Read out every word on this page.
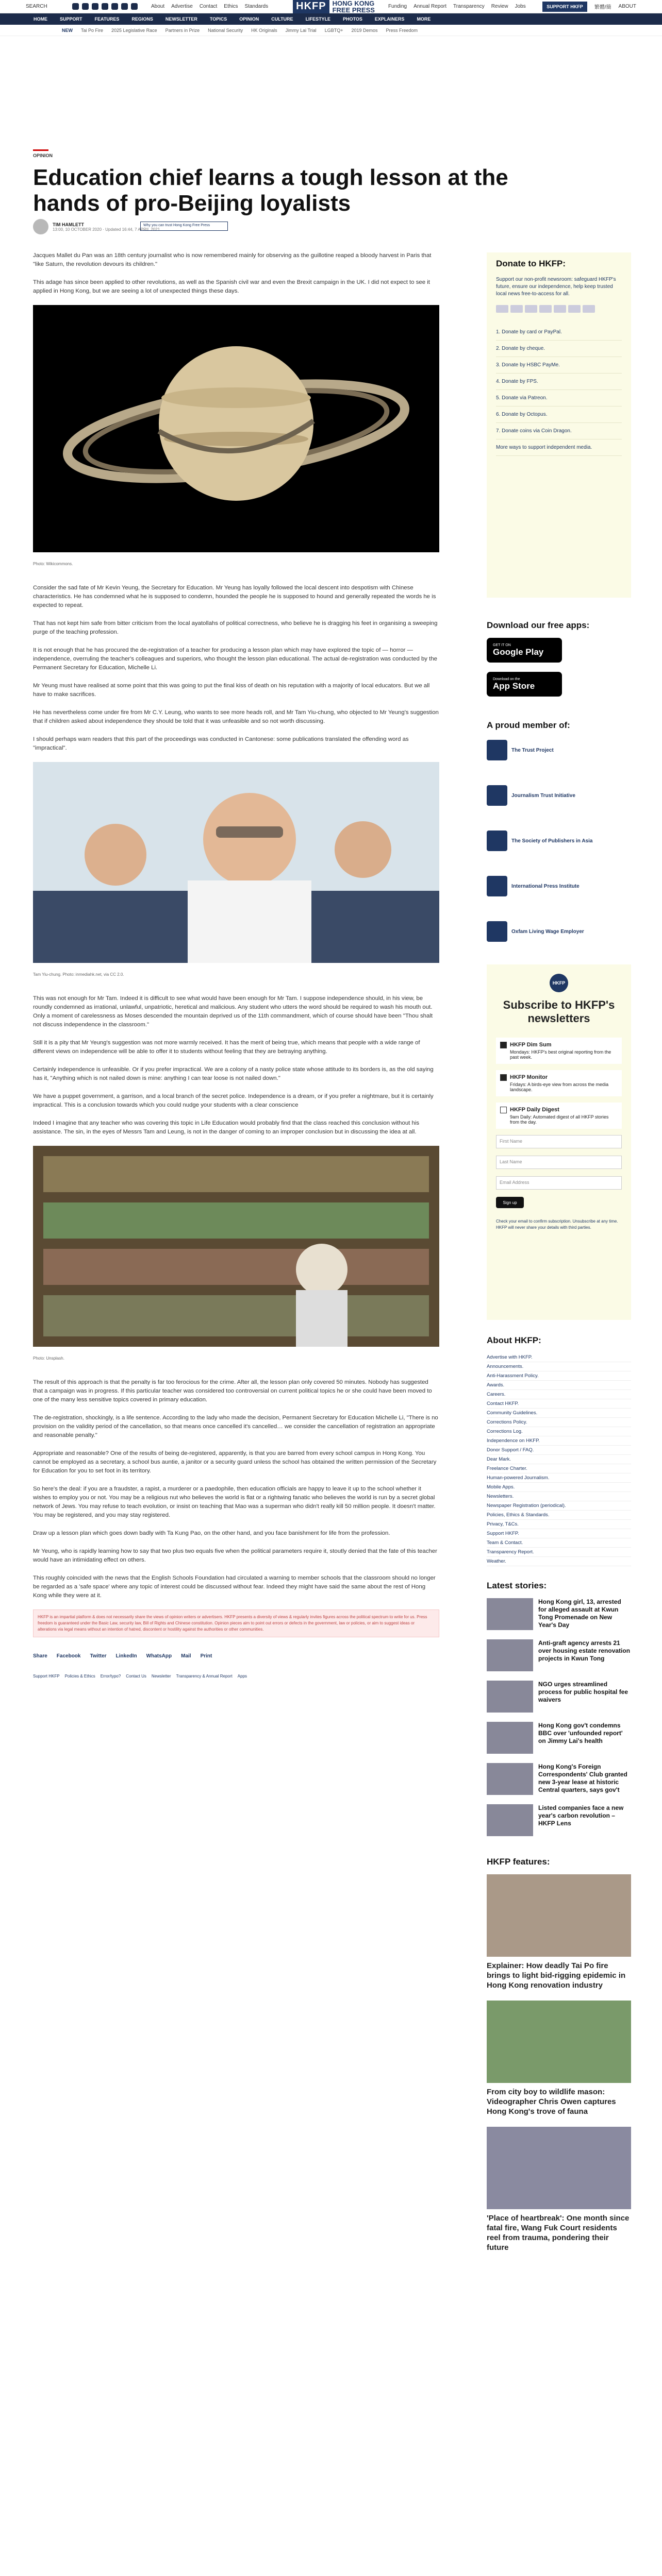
SEARCH	About Advertise Contact Ethics Standards	HKFP HONG KONG
FREE PRESS	Funding Annual Report Transparency Review Jobs	SUPPORT HKFP	繁體/簡 ABOUT
HOME	SUPPORT	FEATURES	REGIONS	NEWSLETTER	TOPICS	OPINION	CULTURE	LIFESTYLE	PHOTOS	EXPLAINERS	MORE
NEW Tai Po Fire 2025 Legislative Race Partners in Prize National Security HK Originals Jimmy Lai Trial LGBTQ+ 2019 Demos Press Freedom
OPINION
Education chief learns a tough lesson at the hands of pro-Beijing loyalists
TIM HAMLETT
13:00, 10 OCTOBER 2020 · Updated 16:44, 7 APRIL 2021
Why you can trust Hong Kong Free Press

Jacques Mallet du Pan was an 18th century journalist who is now remembered mainly for observing as the guillotine reaped a bloody harvest in Paris that "like Saturn, the revolution devours its children."

This adage has since been applied to other revolutions, as well as the Spanish civil war and even the Brexit campaign in the UK. I did not expect to see it applied in Hong Kong, but we are seeing a lot of unexpected things these days.

Photo: Wikicommons.

Consider the sad fate of Mr Kevin Yeung, the Secretary for Education. Mr Yeung has loyally followed the local descent into despotism with Chinese characteristics. He has condemned what he is supposed to condemn, hounded the people he is supposed to hound and generally repeated the words he is expected to repeat.

That has not kept him safe from bitter criticism from the local ayatollahs of political correctness, who believe he is dragging his feet in organising a sweeping purge of the teaching profession.

It is not enough that he has procured the de-registration of a teacher for producing a lesson plan which may have explored the topic of — horror — independence, overruling the teacher's colleagues and superiors, who thought the lesson plan educational. The actual de-registration was conducted by the Permanent Secretary for Education, Michelle Li.

Mr Yeung must have realised at some point that this was going to put the final kiss of death on his reputation with a majority of local educators. But we all have to make sacrifices.

He has nevertheless come under fire from Mr C.Y. Leung, who wants to see more heads roll, and Mr Tam Yiu-chung, who objected to Mr Yeung's suggestion that if children asked about independence they should be told that it was unfeasible and so not worth discussing.

I should perhaps warn readers that this part of the proceedings was conducted in Cantonese: some publications translated the offending word as "impractical".

Tam Yiu-chung. Photo: inmediahk.net, via CC 2.0.

This was not enough for Mr Tam. Indeed it is difficult to see what would have been enough for Mr Tam. I suppose independence should, in his view, be roundly condemned as irrational, unlawful, unpatriotic, heretical and malicious. Any student who utters the word should be required to wash his mouth out. Only a moment of carelessness as Moses descended the mountain deprived us of the 11th commandment, which of course should have been "Thou shalt not discuss independence in the classroom."

Still it is a pity that Mr Yeung's suggestion was not more warmly received. It has the merit of being true, which means that people with a wide range of different views on independence will be able to offer it to students without feeling that they are betraying anything.

Certainly independence is unfeasible. Or if you prefer impractical. We are a colony of a nasty police state whose attitude to its borders is, as the old saying has it, "Anything which is not nailed down is mine: anything I can tear loose is not nailed down."

We have a puppet government, a garrison, and a local branch of the secret police. Independence is a dream, or if you prefer a nightmare, but it is certainly impractical. This is a conclusion towards which you could nudge your students with a clear conscience

Indeed I imagine that any teacher who was covering this topic in Life Education would probably find that the class reached this conclusion without his assistance. The sin, in the eyes of Messrs Tam and Leung, is not in the danger of coming to an improper conclusion but in discussing the idea at all.

Photo: Unsplash.

The result of this approach is that the penalty is far too ferocious for the crime. After all, the lesson plan only covered 50 minutes. Nobody has suggested that a campaign was in progress. If this particular teacher was considered too controversial on current political topics he or she could have been moved to one of the many less sensitive topics covered in primary education.

The de-registration, shockingly, is a life sentence. According to the lady who made the decision, Permanent Secretary for Education Michelle Li, "There is no provision on the validity period of the cancellation, so that means once cancelled it's cancelled… we consider the cancellation of registration an appropriate and reasonable penalty."

Appropriate and reasonable? One of the results of being de-registered, apparently, is that you are barred from every school campus in Hong Kong. You cannot be employed as a secretary, a school bus auntie, a janitor or a security guard unless the school has obtained the written permission of the Secretary for Education for you to set foot in its territory.

So here's the deal: if you are a fraudster, a rapist, a murderer or a paedophile, then education officials are happy to leave it up to the school whether it wishes to employ you or not. You may be a religious nut who believes the world is flat or a rightwing fanatic who believes the world is run by a secret global network of Jews. You may refuse to teach evolution, or insist on teaching that Mao was a superman who didn't really kill 50 million people. It doesn't matter. You may be registered, and you may stay registered.

Draw up a lesson plan which goes down badly with Ta Kung Pao, on the other hand, and you face banishment for life from the profession.

Mr Yeung, who is rapidly learning how to say that two plus two equals five when the political parameters require it, stoutly denied that the fate of this teacher would have an intimidating effect on others.

This roughly coincided with the news that the English Schools Foundation had circulated a warning to member schools that the classroom should no longer be regarded as a 'safe space' where any topic of interest could be discussed without fear. Indeed they might have said the same about the rest of Hong Kong while they were at it.

HKFP is an impartial platform & does not necessarily share the views of opinion writers or advertisers. HKFP presents a diversity of views & regularly invites figures across the political spectrum to write for us. Press freedom is guaranteed under the Basic Law, security law, Bill of Rights and Chinese constitution. Opinion pieces aim to point out errors or defects in the government, law or policies, or aim to suggest ideas or alterations via legal means without an intention of hatred, discontent or hostility against the authorities or other communities.
Share Facebook Twitter LinkedIn WhatsApp Mail Print
Support HKFP Policies & Ethics Error/typo? Contact Us Newsletter Transparency & Annual Report Apps
Donate to HKFP:

Support our non-profit newsroom: safeguard HKFP's future, ensure our independence, help keep trusted local news free-to-access for all.

1. Donate by card or PayPal.
2. Donate by cheque.
3. Donate by HSBC PayMe.
4. Donate by FPS.
5. Donate via Patreon.
6. Donate by Octopus.
7. Donate coins via Coin Dragon.
More ways to support independent media.
Download our free apps:
GET IT ON
Google Play
Download on the
App Store
A proud member of:
The Trust Project
Journalism Trust Initiative
The Society of Publishers in Asia
International Press Institute
Oxfam Living Wage Employer
HKFP
Subscribe to HKFP's newsletters
HKFP Dim Sum
Mondays: HKFP's best original reporting from the past week.
HKFP Monitor
Fridays: A birds-eye view from across the media landscape.
HKFP Daily Digest
9am Daily: Automated digest of all HKFP stories from the day.
First Name
Last Name
Email Address
Sign up
Check your email to confirm subscription. Unsubscribe at any time. HKFP will never share your details with third parties.
About HKFP:
Advertise with HKFP.
Announcements.
Anti-Harassment Policy.
Awards.
Careers.
Contact HKFP.
Community Guidelines.
Corrections Policy.
Corrections Log.
Independence on HKFP.
Donor Support / FAQ.
Dear Mark.
Freelance Charter.
Human-powered Journalism.
Mobile Apps.
Newsletters.
Newspaper Registration (periodical).
Policies, Ethics & Standards.
Privacy, T&Cs.
Support HKFP.
Team & Contact.
Transparency Report.
Weather.
Latest stories:
Hong Kong girl, 13, arrested for alleged assault at Kwun Tong Promenade on New Year's Day
Anti-graft agency arrests 21 over housing estate renovation projects in Kwun Tong
NGO urges streamlined process for public hospital fee waivers
Hong Kong gov't condemns BBC over 'unfounded report' on Jimmy Lai's health
Hong Kong's Foreign Correspondents' Club granted new 3-year lease at historic Central quarters, says gov't
Listed companies face a new year's carbon revolution – HKFP Lens
HKFP features:
Explainer: How deadly Tai Po fire brings to light bid-rigging epidemic in Hong Kong renovation industry
From city boy to wildlife mason: Videographer Chris Owen captures Hong Kong's trove of fauna
'Place of heartbreak': One month since fatal fire, Wang Fuk Court residents reel from trauma, pondering their future
